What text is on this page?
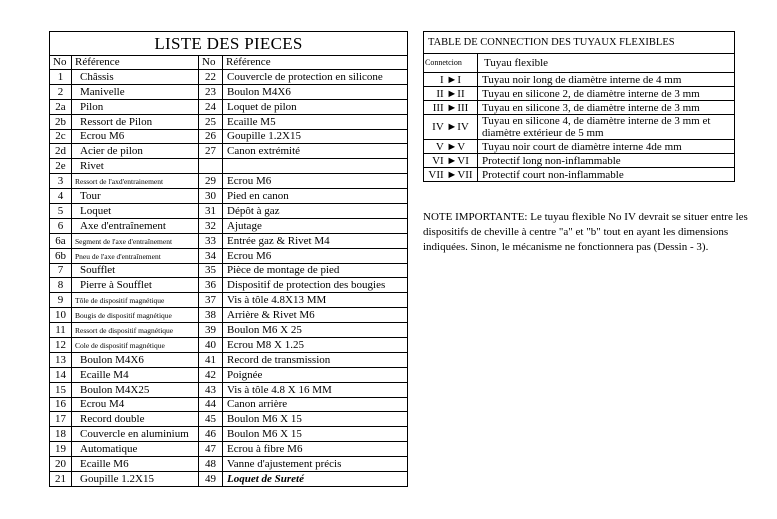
LISTE DES PIECES
No	Référence	No	Référence
1	Châssis	22	Couvercle de protection en silicone
2	Manivelle	23	Boulon M4X6
2a	Pilon	24	Loquet de pilon
2b	Ressort de Pilon	25	Ecaille M5
2c	Ecrou M6	26	Goupille 1.2X15
2d	Acier de pilon	27	Canon extrémité
2e	Rivet		
3	Ressort de l'axd'entrainement	29	Ecrou M6
4	Tour	30	Pied en canon
5	Loquet	31	Dépôt à gaz
6	Axe d'entraînement	32	Ajutage
6a	Segment de l'axe d'entraînement	33	Entrée gaz & Rivet M4
6b	Pneu de l'axe d'entraînement	34	Ecrou M6
7	Soufflet	35	Pièce de montage de pied
8	Pierre à Soufflet	36	Dispositif de protection des bougies
9	Tôle de dispositif magnétique	37	Vis à tôle 4.8X13 MM
10	Bougis de dispositif magnétique	38	Arrière & Rivet M6
11	Ressort de dispositif magnétique	39	Boulon M6 X 25
12	Cole de dispositif magnétique	40	Ecrou M8 X 1.25
13	Boulon M4X6	41	Record de transmission
14	Ecaille M4	42	Poignée
15	Boulon M4X25	43	Vis à tôle 4.8 X 16 MM
16	Ecrou M4	44	Canon arrière
17	Record double	45	Boulon M6 X 15
18	Couvercle en aluminium	46	Boulon M6 X 15
19	Automatique	47	Ecrou à fibre M6
20	Ecaille M6	48	Vanne d'ajustement précis
21	Goupille 1.2X15	49	Loquet de Sureté
TABLE DE CONNECTION DES TUYAUX FLEXIBLES
Connetcion	Tuyau flexible
I ►I	Tuyau noir long de diamètre interne de 4 mm
II ►II	Tuyau en silicone 2, de diamètre interne de 3 mm
III ►III	Tuyau en silicone 3, de diamètre interne de 3 mm
IV ►IV	Tuyau en silicone 4, de diamètre interne de 3 mm et diamètre extérieur de 5 mm
V ►V	Tuyau noir court de diamètre interne 4de mm
VI ►VI	Protectif long non-inflammable
VII ►VII	Protectif court non-inflammable
NOTE IMPORTANTE: Le tuyau flexible No IV devrait se situer entre les dispositifs de cheville à centre "a" et "b" tout en ayant les dimensions indiquées. Sinon, le mécanisme ne fonctionnera pas (Dessin - 3).
